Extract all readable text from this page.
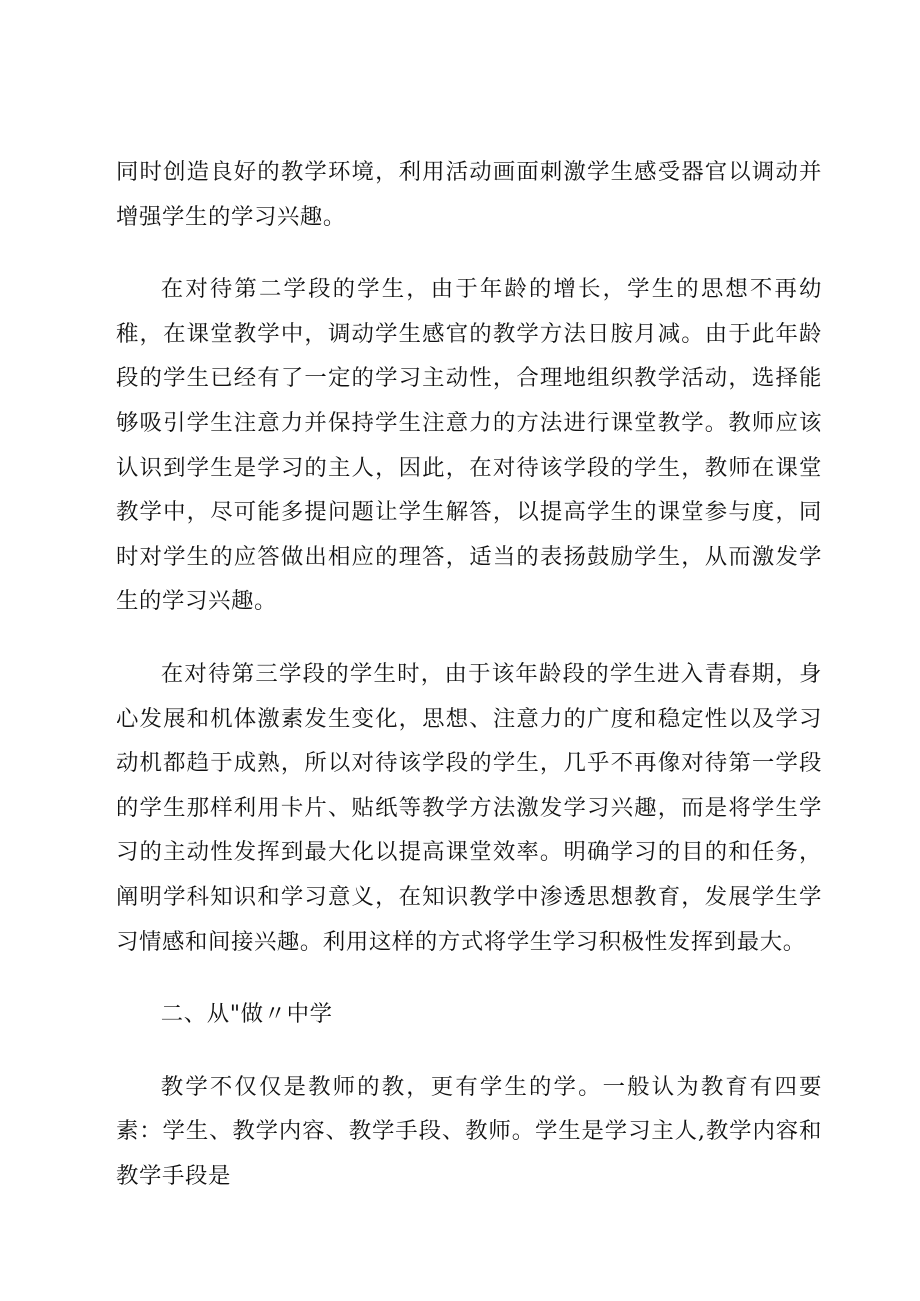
同时创造良好的教学环境，利用活动画面刺激学生感受器官以调动并增强学生的学习兴趣。

在对待第二学段的学生，由于年龄的增长，学生的思想不再幼稚，在课堂教学中，调动学生感官的教学方法日胺月减。由于此年龄段的学生已经有了一定的学习主动性，合理地组织教学活动，选择能够吸引学生注意力并保持学生注意力的方法进行课堂教学。教师应该认识到学生是学习的主人，因此，在对待该学段的学生，教师在课堂教学中，尽可能多提问题让学生解答，以提高学生的课堂参与度，同时对学生的应答做出相应的理答，适当的表扬鼓励学生，从而激发学生的学习兴趣。

在对待第三学段的学生时，由于该年龄段的学生进入青春期，身心发展和机体激素发生变化，思想、注意力的广度和稳定性以及学习动机都趋于成熟，所以对待该学段的学生，几乎不再像对待第一学段的学生那样利用卡片、贴纸等教学方法激发学习兴趣，而是将学生学习的主动性发挥到最大化以提高课堂效率。明确学习的目的和任务，阐明学科知识和学习意义，在知识教学中渗透思想教育，发展学生学习情感和间接兴趣。利用这样的方式将学生学习积极性发挥到最大。

二、从"做〃中学

教学不仅仅是教师的教，更有学生的学。一般认为教育有四要素：学生、教学内容、教学手段、教师。学生是学习主人,教学内容和教学手段是
